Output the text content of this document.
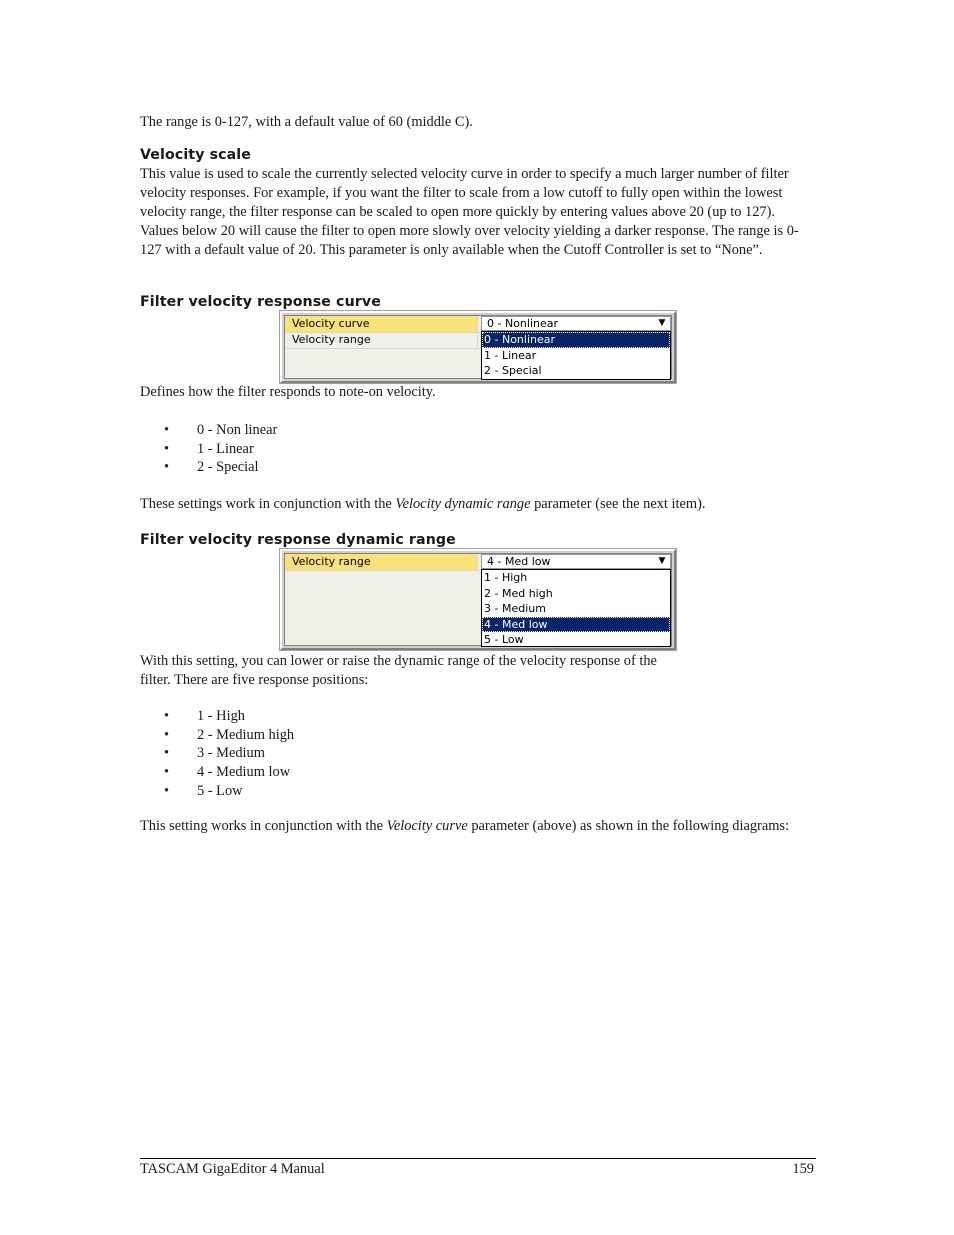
The range is 0-127, with a default value of 60 (middle C).

Velocity scale

This value is used to scale the currently selected velocity curve in order to specify a much larger number of filter velocity responses. For example, if you want the filter to scale from a low cutoff to fully open within the lowest velocity range, the filter response can be scaled to open more quickly by entering values above 20 (up to 127). Values below 20 will cause the filter to open more slowly over velocity yielding a darker response. The range is 0-127 with a default value of 20. This parameter is only available when the Cutoff Controller is set to “None”.

Filter velocity response curve
Velocity curve
Velocity range
0 - Nonlinear	▼
0 - Nonlinear
1 - Linear
2 - Special

Defines how the filter responds to note-on velocity.

•	0 - Non linear
•	1 - Linear
•	2 - Special

These settings work in conjunction with the Velocity dynamic range parameter (see the next item).

Filter velocity response dynamic range
Velocity range	4 - Med low	▼
1 - High
2 - Med high
3 - Medium
4 - Med low
5 - Low

With this setting, you can lower or raise the dynamic range of the velocity response of the filter. There are five response positions:

•	1 - High
•	2 - Medium high
•	3 - Medium
•	4 - Medium low
•	5 - Low

This setting works in conjunction with the Velocity curve parameter (above) as shown in the following diagrams:

TASCAM GigaEditor 4 Manual	159
